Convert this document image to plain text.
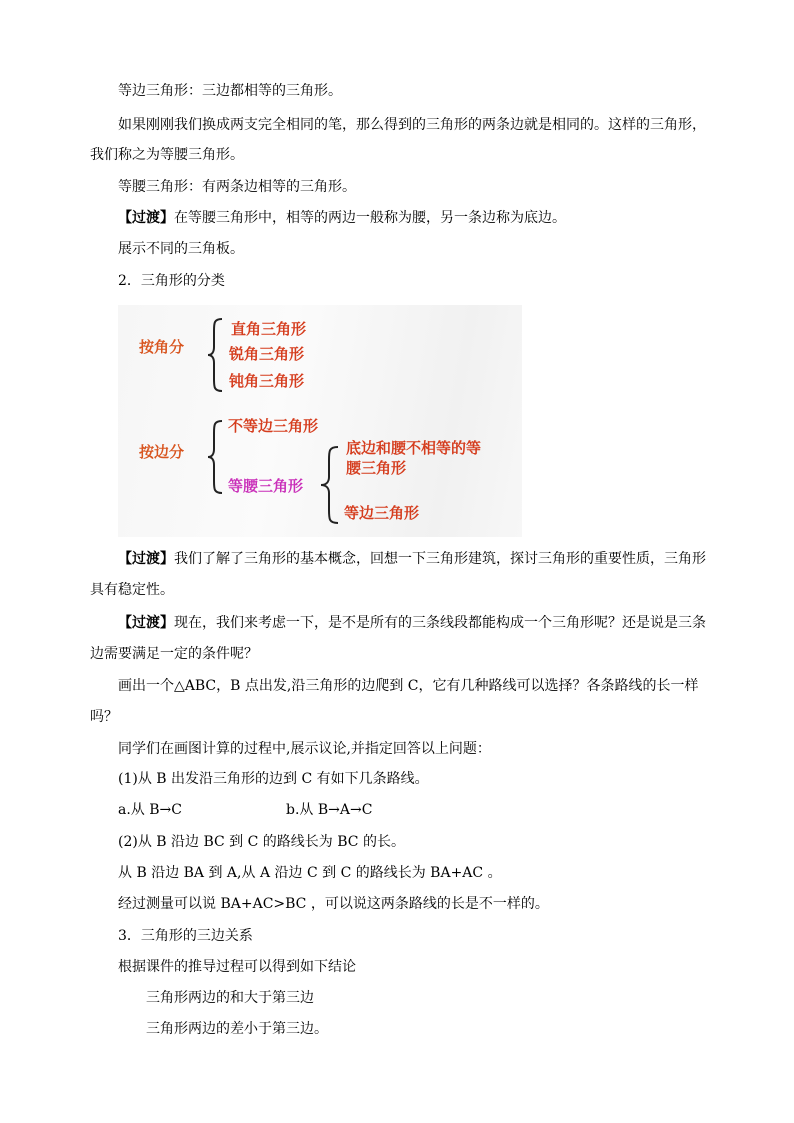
等边三角形：三边都相等的三角形。
如果刚刚我们换成两支完全相同的笔，那么得到的三角形的两条边就是相同的。这样的三角形，
我们称之为等腰三角形。
等腰三角形：有两条边相等的三角形。
【过渡】在等腰三角形中，相等的两边一般称为腰，另一条边称为底边。
展示不同的三角板。
2．三角形的分类
按角分
直角三角形
锐角三角形
钝角三角形
按边分
不等边三角形
等腰三角形
底边和腰不相等的等
腰三角形
等边三角形
【过渡】我们了解了三角形的基本概念，回想一下三角形建筑，探讨三角形的重要性质，三角形
具有稳定性。
【过渡】现在，我们来考虑一下，是不是所有的三条线段都能构成一个三角形呢？还是说是三条
边需要满足一定的条件呢？
画出一个△ABC，B 点出发,沿三角形的边爬到 C，它有几种路线可以选择？各条路线的长一样
吗？
同学们在画图计算的过程中,展示议论,并指定回答以上问题：
(1)从 B 出发沿三角形的边到 C 有如下几条路线。
a.从 B→C	b.从 B→A→C
(2)从 B 沿边 BC 到 C 的路线长为 BC 的长。
从 B 沿边 BA 到 A,从 A 沿边 C 到 C 的路线长为 BA+AC 。
经过测量可以说 BA+AC>BC ，可以说这两条路线的长是不一样的。
3．三角形的三边关系
根据课件的推导过程可以得到如下结论
三角形两边的和大于第三边
三角形两边的差小于第三边。
